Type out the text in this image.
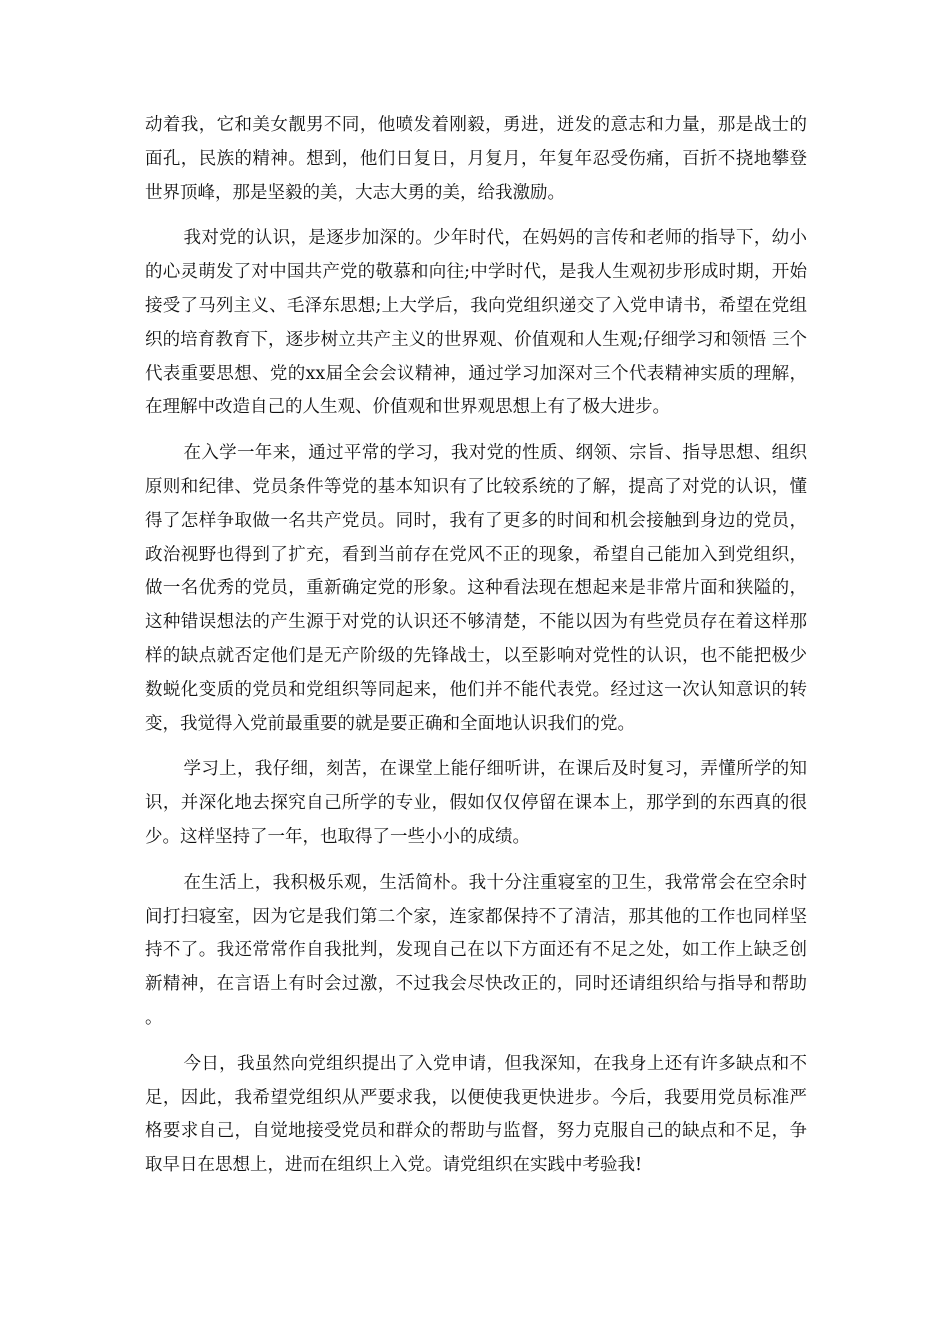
动着我，它和美女靓男不同，他喷发着刚毅，勇进，迸发的意志和力量，那是战士的面孔，民族的精神。想到，他们日复日，月复月，年复年忍受伤痛，百折不挠地攀登世界顶峰，那是坚毅的美，大志大勇的美，给我激励。

我对党的认识，是逐步加深的。少年时代，在妈妈的言传和老师的指导下，幼小的心灵萌发了对中国共产党的敬慕和向往;中学时代，是我人生观初步形成时期，开始接受了马列主义、毛泽东思想;上大学后，我向党组织递交了入党申请书，希望在党组织的培育教育下，逐步树立共产主义的世界观、价值观和人生观;仔细学习和领悟 三个代表重要思想、党的xx届全会会议精神，通过学习加深对三个代表精神实质的理解，在理解中改造自己的人生观、价值观和世界观思想上有了极大进步。

在入学一年来，通过平常的学习，我对党的性质、纲领、宗旨、指导思想、组织原则和纪律、党员条件等党的基本知识有了比较系统的了解，提高了对党的认识，懂得了怎样争取做一名共产党员。同时，我有了更多的时间和机会接触到身边的党员，政治视野也得到了扩充，看到当前存在党风不正的现象，希望自己能加入到党组织，做一名优秀的党员，重新确定党的形象。这种看法现在想起来是非常片面和狭隘的，这种错误想法的产生源于对党的认识还不够清楚，不能以因为有些党员存在着这样那样的缺点就否定他们是无产阶级的先锋战士，以至影响对党性的认识，也不能把极少数蜕化变质的党员和党组织等同起来，他们并不能代表党。经过这一次认知意识的转变，我觉得入党前最重要的就是要正确和全面地认识我们的党。

学习上，我仔细，刻苦，在课堂上能仔细听讲，在课后及时复习，弄懂所学的知识，并深化地去探究自己所学的专业，假如仅仅停留在课本上，那学到的东西真的很少。这样坚持了一年，也取得了一些小小的成绩。

在生活上，我积极乐观，生活简朴。我十分注重寝室的卫生，我常常会在空余时间打扫寝室，因为它是我们第二个家，连家都保持不了清洁，那其他的工作也同样坚持不了。我还常常作自我批判，发现自己在以下方面还有不足之处，如工作上缺乏创新精神，在言语上有时会过激，不过我会尽快改正的，同时还请组织给与指导和帮助 。

今日，我虽然向党组织提出了入党申请，但我深知，在我身上还有许多缺点和不足，因此，我希望党组织从严要求我，以便使我更快进步。今后，我要用党员标准严格要求自己，自觉地接受党员和群众的帮助与监督，努力克服自己的缺点和不足，争取早日在思想上，进而在组织上入党。请党组织在实践中考验我!
